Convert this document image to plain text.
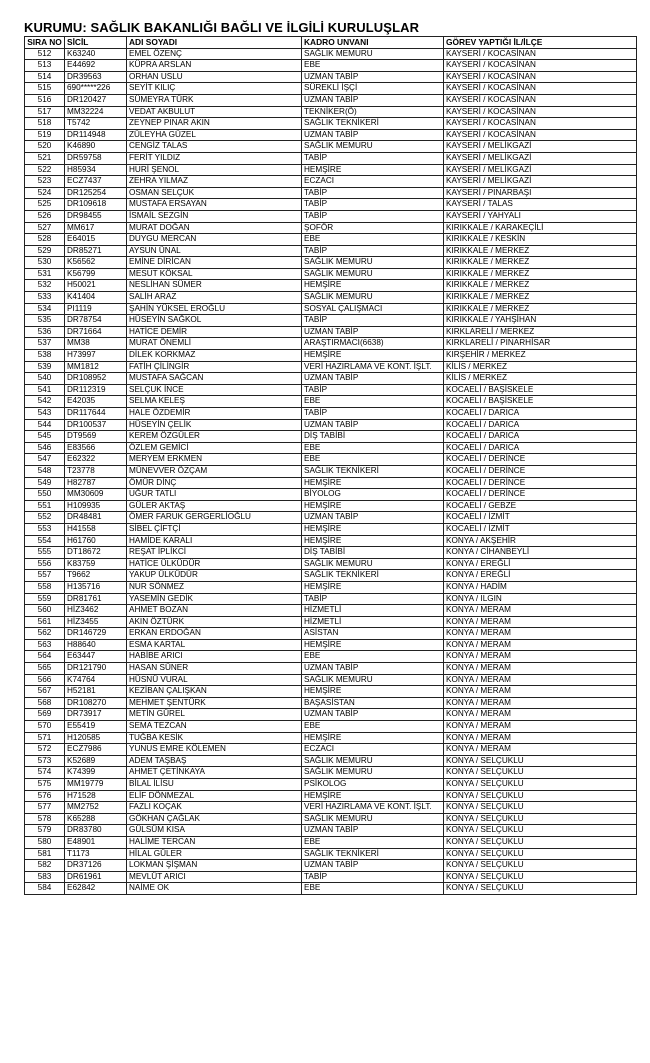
KURUMU: SAĞLIK BAKANLIĞI BAĞLI VE İLGİLİ KURULUŞLAR
SIRA NO	SİCİL	ADI SOYADI	KADRO UNVANI	GÖREV YAPTIĞI İL/İLÇE
512	K63240	EMEL ÖZENÇ	SAĞLIK MEMURU	KAYSERİ / KOCASİNAN
513	E44692	KÜPRA ARSLAN	EBE	KAYSERİ / KOCASİNAN
514	DR39563	ORHAN USLU	UZMAN TABİP	KAYSERİ / KOCASİNAN
515	690*****226	SEYİT KILIÇ	SÜREKLİ İŞÇİ	KAYSERİ / KOCASİNAN
516	DR120427	SÜMEYRA TÜRK	UZMAN TABİP	KAYSERİ / KOCASİNAN
517	MM32224	VEDAT AKBULUT	TEKNİKER(Ö)	KAYSERİ / KOCASİNAN
518	T5742	ZEYNEP PINAR AKIN	SAĞLIK TEKNİKERİ	KAYSERİ / KOCASİNAN
519	DR114948	ZÜLEYHA GÜZEL	UZMAN TABİP	KAYSERİ / KOCASİNAN
520	K46890	CENGİZ TALAS	SAĞLIK MEMURU	KAYSERİ / MELİKGAZİ
521	DR59758	FERİT YILDIZ	TABİP	KAYSERİ / MELİKGAZİ
522	H85934	HURİ ŞENOL	HEMŞİRE	KAYSERİ / MELİKGAZİ
523	ECZ7437	ZEHRA YILMAZ	ECZACI	KAYSERİ / MELİKGAZİ
524	DR125254	OSMAN SELÇUK	TABİP	KAYSERİ / PINARBAŞI
525	DR109618	MUSTAFA ERSAYAN	TABİP	KAYSERİ / TALAS
526	DR98455	İSMAİL SEZGİN	TABİP	KAYSERİ / YAHYALI
527	MM617	MURAT DOĞAN	ŞOFÖR	KIRIKKALE / KARAKEÇİLİ
528	E64015	DUYGU MERCAN	EBE	KIRIKKALE / KESKİN
529	DR85271	AYSUN ÜNAL	TABİP	KIRIKKALE / MERKEZ
530	K56562	EMİNE DİRİCAN	SAĞLIK MEMURU	KIRIKKALE / MERKEZ
531	K56799	MESUT KÖKSAL	SAĞLIK MEMURU	KIRIKKALE / MERKEZ
532	H50021	NESLİHAN SÜMER	HEMŞİRE	KIRIKKALE / MERKEZ
533	K41404	SALİH ARAZ	SAĞLIK MEMURU	KIRIKKALE / MERKEZ
534	PI1119	ŞAHİN YÜKSEL EROĞLU	SOSYAL ÇALIŞMACI	KIRIKKALE / MERKEZ
535	DR78754	HÜSEYİN SAĞKOL	TABİP	KIRIKKALE / YAHŞİHAN
536	DR71664	HATİCE DEMİR	UZMAN TABİP	KIRKLARELİ / MERKEZ
537	MM38	MURAT ÖNEMLİ	ARAŞTIRMACI(6638)	KIRKLARELİ / PINARHİSAR
538	H73997	DİLEK KORKMAZ	HEMŞİRE	KIRŞEHİR / MERKEZ
539	MM1812	FATİH ÇİLİNGİR	VERİ HAZIRLAMA VE KONT. İŞLT.	KİLİS / MERKEZ
540	DR108952	MUSTAFA SAĞCAN	UZMAN TABİP	KİLİS / MERKEZ
541	DR112319	SELÇUK İNCE	TABİP	KOCAELİ / BAŞİSKELE
542	E42035	SELMA KELEŞ	EBE	KOCAELİ / BAŞİSKELE
543	DR117644	HALE ÖZDEMİR	TABİP	KOCAELİ / DARICA
544	DR100537	HÜSEYİN ÇELİK	UZMAN TABİP	KOCAELİ / DARICA
545	DT9569	KEREM ÖZGÜLER	DİŞ TABİBİ	KOCAELİ / DARICA
546	E83566	ÖZLEM GEMİCİ	EBE	KOCAELİ / DARICA
547	E62322	MERYEM ERKMEN	EBE	KOCAELİ / DERİNCE
548	T23778	MÜNEVVER ÖZÇAM	SAĞLIK TEKNİKERİ	KOCAELİ / DERİNCE
549	H82787	ÖMÜR DİNÇ	HEMŞİRE	KOCAELİ / DERİNCE
550	MM30609	UĞUR TATLI	BİYOLOG	KOCAELİ / DERİNCE
551	H109935	GÜLER AKTAŞ	HEMŞİRE	KOCAELİ / GEBZE
552	DR48481	ÖMER FARUK GERGERLİOĞLU	UZMAN TABİP	KOCAELİ / İZMİT
553	H41558	SİBEL ÇİFTÇİ	HEMŞİRE	KOCAELİ / İZMİT
554	H61760	HAMİDE KARALI	HEMŞİRE	KONYA / AKŞEHİR
555	DT18672	REŞAT İPLİKCİ	DİŞ TABİBİ	KONYA / CİHANBEYLİ
556	K83759	HATİCE ÜLKÜDÜR	SAĞLIK MEMURU	KONYA / EREĞLİ
557	T9662	YAKUP ÜLKÜDÜR	SAĞLIK TEKNİKERİ	KONYA / EREĞLİ
558	H135716	NUR SÖNMEZ	HEMŞİRE	KONYA / HADİM
559	DR81761	YASEMİN GEDİK	TABİP	KONYA / ILGIN
560	HİZ3462	AHMET BOZAN	HİZMETLİ	KONYA / MERAM
561	HİZ3455	AKIN ÖZTÜRK	HİZMETLİ	KONYA / MERAM
562	DR146729	ERKAN ERDOĞAN	ASİSTAN	KONYA / MERAM
563	H88640	ESMA KARTAL	HEMŞİRE	KONYA / MERAM
564	E63447	HABİBE ARICI	EBE	KONYA / MERAM
565	DR121790	HASAN SÜNER	UZMAN TABİP	KONYA / MERAM
566	K74764	HÜSNÜ VURAL	SAĞLIK MEMURU	KONYA / MERAM
567	H52181	KEZİBAN ÇALIŞKAN	HEMŞİRE	KONYA / MERAM
568	DR108270	MEHMET ŞENTÜRK	BAŞASİSTAN	KONYA / MERAM
569	DR73917	METİN GÜREL	UZMAN TABİP	KONYA / MERAM
570	E55419	SEMA TEZCAN	EBE	KONYA / MERAM
571	H120585	TUĞBA KESİK	HEMŞİRE	KONYA / MERAM
572	ECZ7986	YUNUS EMRE KÖLEMEN	ECZACI	KONYA / MERAM
573	K52689	ADEM TAŞBAŞ	SAĞLIK MEMURU	KONYA / SELÇUKLU
574	K74399	AHMET ÇETİNKAYA	SAĞLIK MEMURU	KONYA / SELÇUKLU
575	MM19779	BİLAL İLİSU	PSİKOLOG	KONYA / SELÇUKLU
576	H71528	ELİF DÖNMEZAL	HEMŞİRE	KONYA / SELÇUKLU
577	MM2752	FAZLI KOÇAK	VERİ HAZIRLAMA VE KONT. İŞLT.	KONYA / SELÇUKLU
578	K65288	GÖKHAN ÇAĞLAK	SAĞLIK MEMURU	KONYA / SELÇUKLU
579	DR83780	GÜLSÜM KISA	UZMAN TABİP	KONYA / SELÇUKLU
580	E48901	HALİME TERCAN	EBE	KONYA / SELÇUKLU
581	T1173	HİLAL GÜLER	SAĞLIK TEKNİKERİ	KONYA / SELÇUKLU
582	DR37126	LOKMAN ŞİŞMAN	UZMAN TABİP	KONYA / SELÇUKLU
583	DR61961	MEVLÜT ARICI	TABİP	KONYA / SELÇUKLU
584	E62842	NAİME OK	EBE	KONYA / SELÇUKLU
